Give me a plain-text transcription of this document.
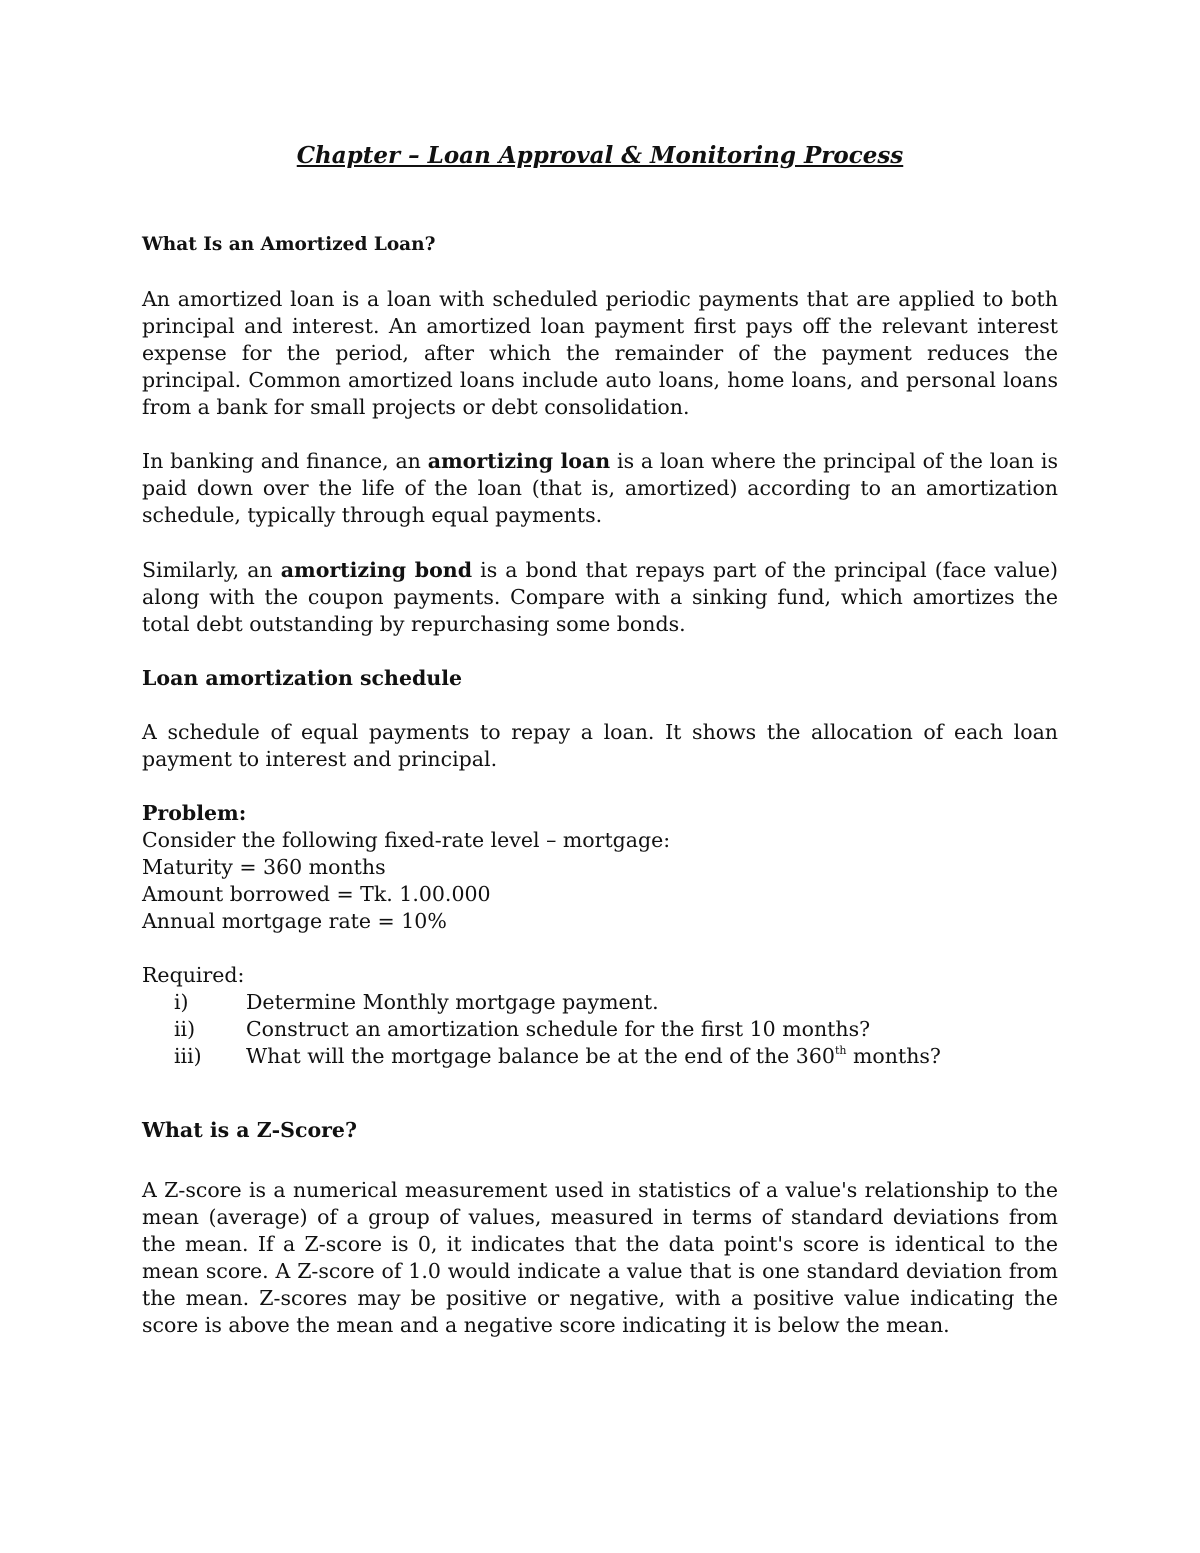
Chapter – Loan Approval & Monitoring Process
What Is an Amortized Loan?

An amortized loan is a loan with scheduled periodic payments that are applied to both principal and interest. An amortized loan payment first pays off the relevant interest expense for the period, after which the remainder of the payment reduces the principal. Common amortized loans include auto loans, home loans, and personal loans from a bank for small projects or debt consolidation.

In banking and finance, an amortizing loan is a loan where the principal of the loan is paid down over the life of the loan (that is, amortized) according to an amortization schedule, typically through equal payments.

Similarly, an amortizing bond is a bond that repays part of the principal (face value) along with the coupon payments. Compare with a sinking fund, which amortizes the total debt outstanding by repurchasing some bonds.

Loan amortization schedule

A schedule of equal payments to repay a loan. It shows the allocation of each loan payment to interest and principal.

Problem:
Consider the following fixed-rate level – mortgage:
Maturity = 360 months
Amount borrowed = Tk. 1.00.000
Annual mortgage rate = 10%
Required:
i)	Determine Monthly mortgage payment.
ii) Construct an amortization schedule for the first 10 months?
iii) What will the mortgage balance be at the end of the 360th months?
What is a Z-Score?

A Z-score is a numerical measurement used in statistics of a value's relationship to the mean (average) of a group of values, measured in terms of standard deviations from the mean. If a Z-score is 0, it indicates that the data point's score is identical to the mean score. A Z-score of 1.0 would indicate a value that is one standard deviation from the mean. Z-scores may be positive or negative, with a positive value indicating the score is above the mean and a negative score indicating it is below the mean.
